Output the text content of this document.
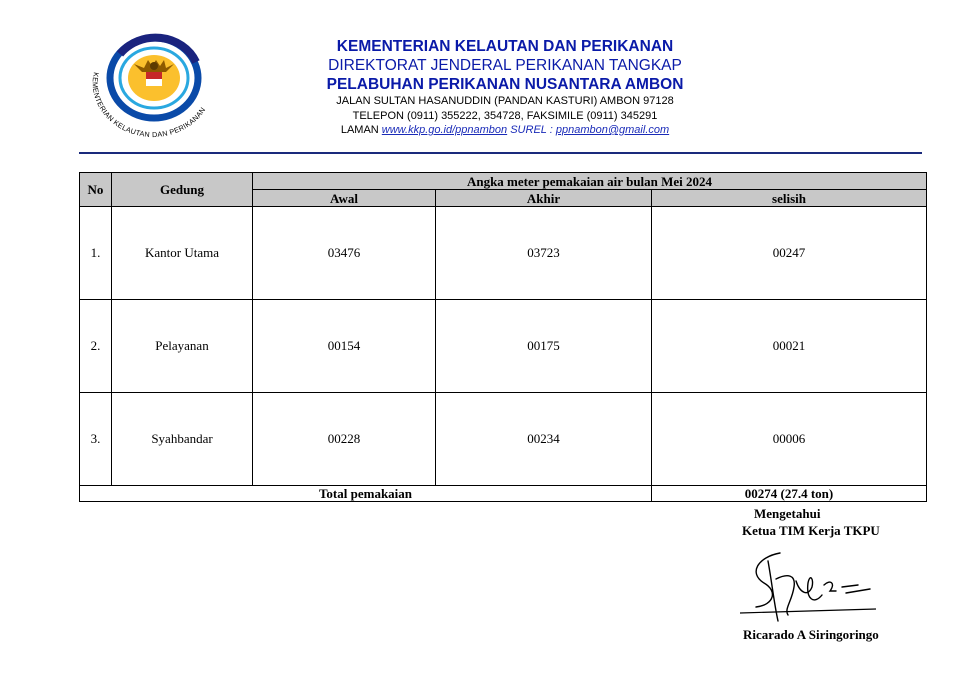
KEMENTERIAN KELAUTAN DAN PERIKANAN
KEMENTERIAN KELAUTAN DAN PERIKANAN
DIREKTORAT JENDERAL PERIKANAN TANGKAP
PELABUHAN PERIKANAN NUSANTARA AMBON
JALAN SULTAN HASANUDDIN (PANDAN KASTURI) AMBON 97128
TELEPON (0911) 355222, 354728, FAKSIMILE (0911) 345291
LAMAN www.kkp.go.id/ppnambon SUREL : ppnambon@gmail.com
No	Gedung	Angka meter pemakaian air bulan Mei 2024		
		Awal	Akhir	selisih
1.	Kantor Utama	03476	03723	00247
2.	Pelayanan	00154	00175	00021
3.	Syahbandar	00228	00234	00006
Total pemakaian				00274 (27.4 ton)
Mengetahui
Ketua TIM Kerja TKPU
Ricarado A Siringoringo
